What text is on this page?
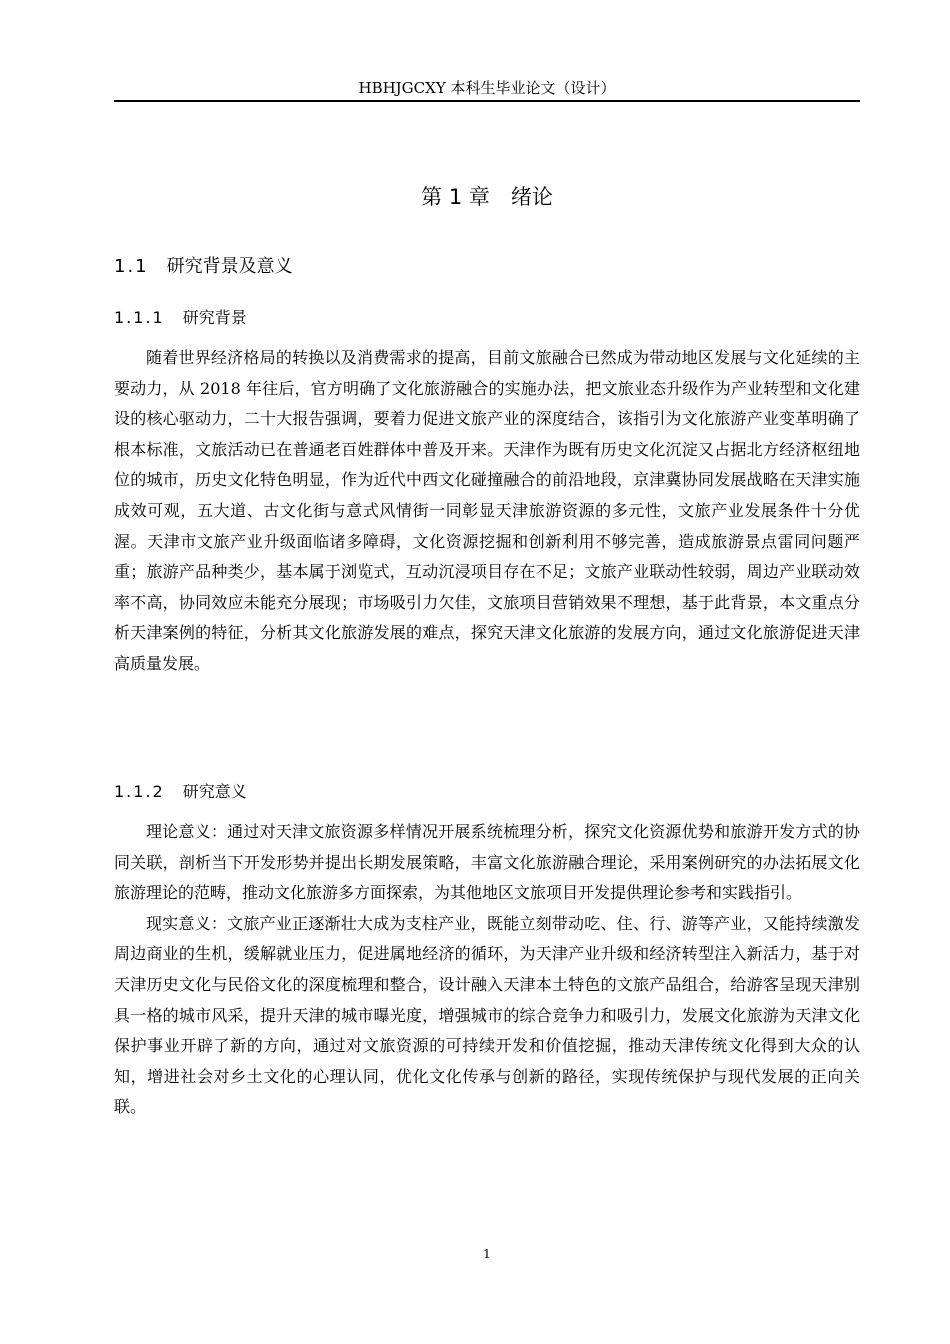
HBHJGCXY 本科生毕业论文（设计）
第 1 章　绪论
1.1 研究背景及意义
1.1.1 研究背景

随着世界经济格局的转换以及消费需求的提高，目前文旅融合已然成为带动地区发展与文化延续的主要动力，从 2018 年往后，官方明确了文化旅游融合的实施办法，把文旅业态升级作为产业转型和文化建设的核心驱动力，二十大报告强调，要着力促进文旅产业的深度结合，该指引为文化旅游产业变革明确了根本标准，文旅活动已在普通老百姓群体中普及开来。天津作为既有历史文化沉淀又占据北方经济枢纽地位的城市，历史文化特色明显，作为近代中西文化碰撞融合的前沿地段，京津冀协同发展战略在天津实施成效可观，五大道、古文化街与意式风情街一同彰显天津旅游资源的多元性，文旅产业发展条件十分优渥。天津市文旅产业升级面临诸多障碍，文化资源挖掘和创新利用不够完善，造成旅游景点雷同问题严重；旅游产品种类少，基本属于浏览式，互动沉浸项目存在不足；文旅产业联动性较弱，周边产业联动效率不高，协同效应未能充分展现；市场吸引力欠佳，文旅项目营销效果不理想，基于此背景，本文重点分析天津案例的特征，分析其文化旅游发展的难点，探究天津文化旅游的发展方向，通过文化旅游促进天津高质量发展。

1.1.2 研究意义

理论意义：通过对天津文旅资源多样情况开展系统梳理分析，探究文化资源优势和旅游开发方式的协同关联，剖析当下开发形势并提出长期发展策略，丰富文化旅游融合理论，采用案例研究的办法拓展文化旅游理论的范畴，推动文化旅游多方面探索，为其他地区文旅项目开发提供理论参考和实践指引。

现实意义：文旅产业正逐渐壮大成为支柱产业，既能立刻带动吃、住、行、游等产业，又能持续激发周边商业的生机，缓解就业压力，促进属地经济的循环，为天津产业升级和经济转型注入新活力，基于对天津历史文化与民俗文化的深度梳理和整合，设计融入天津本土特色的文旅产品组合，给游客呈现天津别具一格的城市风采，提升天津的城市曝光度，增强城市的综合竞争力和吸引力，发展文化旅游为天津文化保护事业开辟了新的方向，通过对文旅资源的可持续开发和价值挖掘，推动天津传统文化得到大众的认知，增进社会对乡土文化的心理认同，优化文化传承与创新的路径，实现传统保护与现代发展的正向关联。

1
